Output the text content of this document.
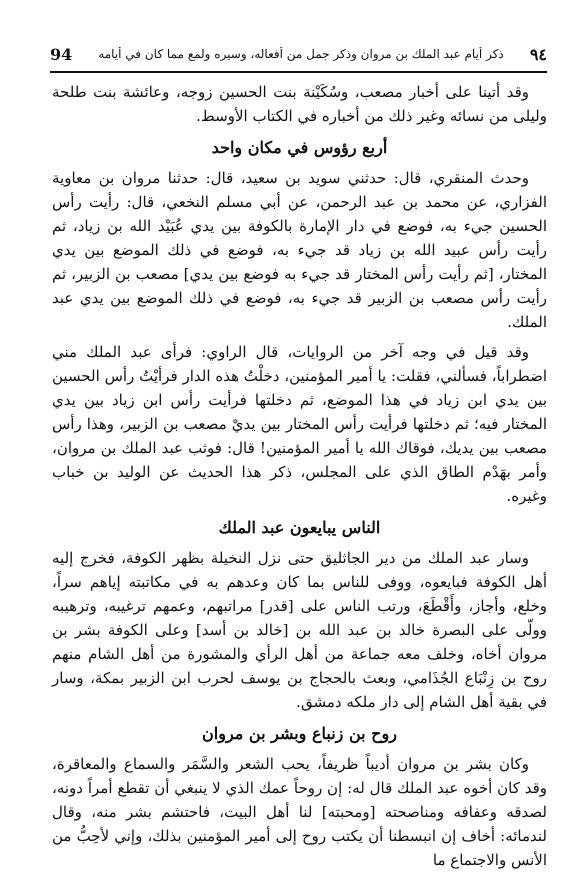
94	ذكر أيام عبد الملك بن مروان وذكر جمل من أفعاله، وسيره ولمع مما كان في أيامه	٩٤

وقد أتينا على أخبار مصعب، وسُكَيْنة بنت الحسين زوجه، وعائشة بنت طلحة وليلى من نسائه وغير ذلك من أخباره في الكتاب الأوسط.

أربع رؤوس في مكان واحد

وحدث المنقري، قال: حدثني سويد بن سعيد، قال: حدثنا مروان بن معاوية الفزاري، عن محمد بن عبد الرحمن، عن أبي مسلم النخعي، قال: رأيت رأس الحسين جيء به، فوضع في دار الإمارة بالكوفة بين يدي عُبَيْد الله بن زياد، ثم رأيت رأس عبيد الله بن زياد قد جيء به، فوضع في ذلك الموضع بين يدي المختار، [ثم رأيت رأس المختار قد جيء به فوضع بين يدي] مصعب بن الزبير، ثم رأيت رأس مصعب بن الزبير قد جيء به، فوضع في ذلك الموضع بين يدي عبد الملك.

وقد قيل في وجه آخر من الروايات، قال الراوي: فرأى عبد الملك مني اضطراباً، فسألني، فقلت: يا أمير المؤمنين، دخلْتُ هذه الدار فرأيْتُ رأس الحسين بين يدي ابن زياد في هذا الموضع، ثم دخلتها فرأيت رأس ابن زياد بين يدي المختار فيه؛ ثم دخلتها فرأيت رأس المختار بين يديْ مصعب بن الزبير، وهذا رأس مصعب بين يديك، فوقاك الله يا أمير المؤمنين! قال: فوثب عبد الملك بن مروان، وأمر بهَدْم الطاق الذي على المجلس، ذكر هذا الحديث عن الوليد بن خباب وغيره.

الناس يبايعون عبد الملك

وسار عبد الملك من دير الجاثليق حتى نزل النخيلة بظهر الكوفة، فخرج إليه أهل الكوفة فبايعوه، ووفى للناس بما كان وعدهم به في مكاتبته إياهم سراً، وخلع، وأجاز، وأَقْطَعَ، ورتب الناس على [قدر] مراتبهم، وعمهم ترغيبه، وترهيبه وولّى على البصرة خالد بن عبد الله بن [خالد بن أسد] وعلى الكوفة بشر بن مروان أخاه، وخلف معه جماعة من أهل الرأي والمشورة من أهل الشام منهم روح بن زِنْبَاع الجُذَامي، وبعث بالحجاج بن يوسف لحرب ابن الزبير بمكة، وسار في بقية أهل الشام إلى دار ملكه دمشق.

روح بن زنباع وبشر بن مروان

وكان بشر بن مروان أديباً ظريفاً، يحب الشعر والسَّمَر والسماع والمعاقرة، وقد كان أخوه عبد الملك قال له: إن روحاً عمك الذي لا ينبغي أن تقطع أمراً دونه، لصدقه وعفافه ومناصحته [ومحبته] لنا أهل البيت، فاحتشم بشر منه، وقال لندمائه: أخاف إن انبسطنا أن يكتب روح إلى أمير المؤمنين بذلك، وإني لأحِبُّ من الأنس والاجتماع ما
